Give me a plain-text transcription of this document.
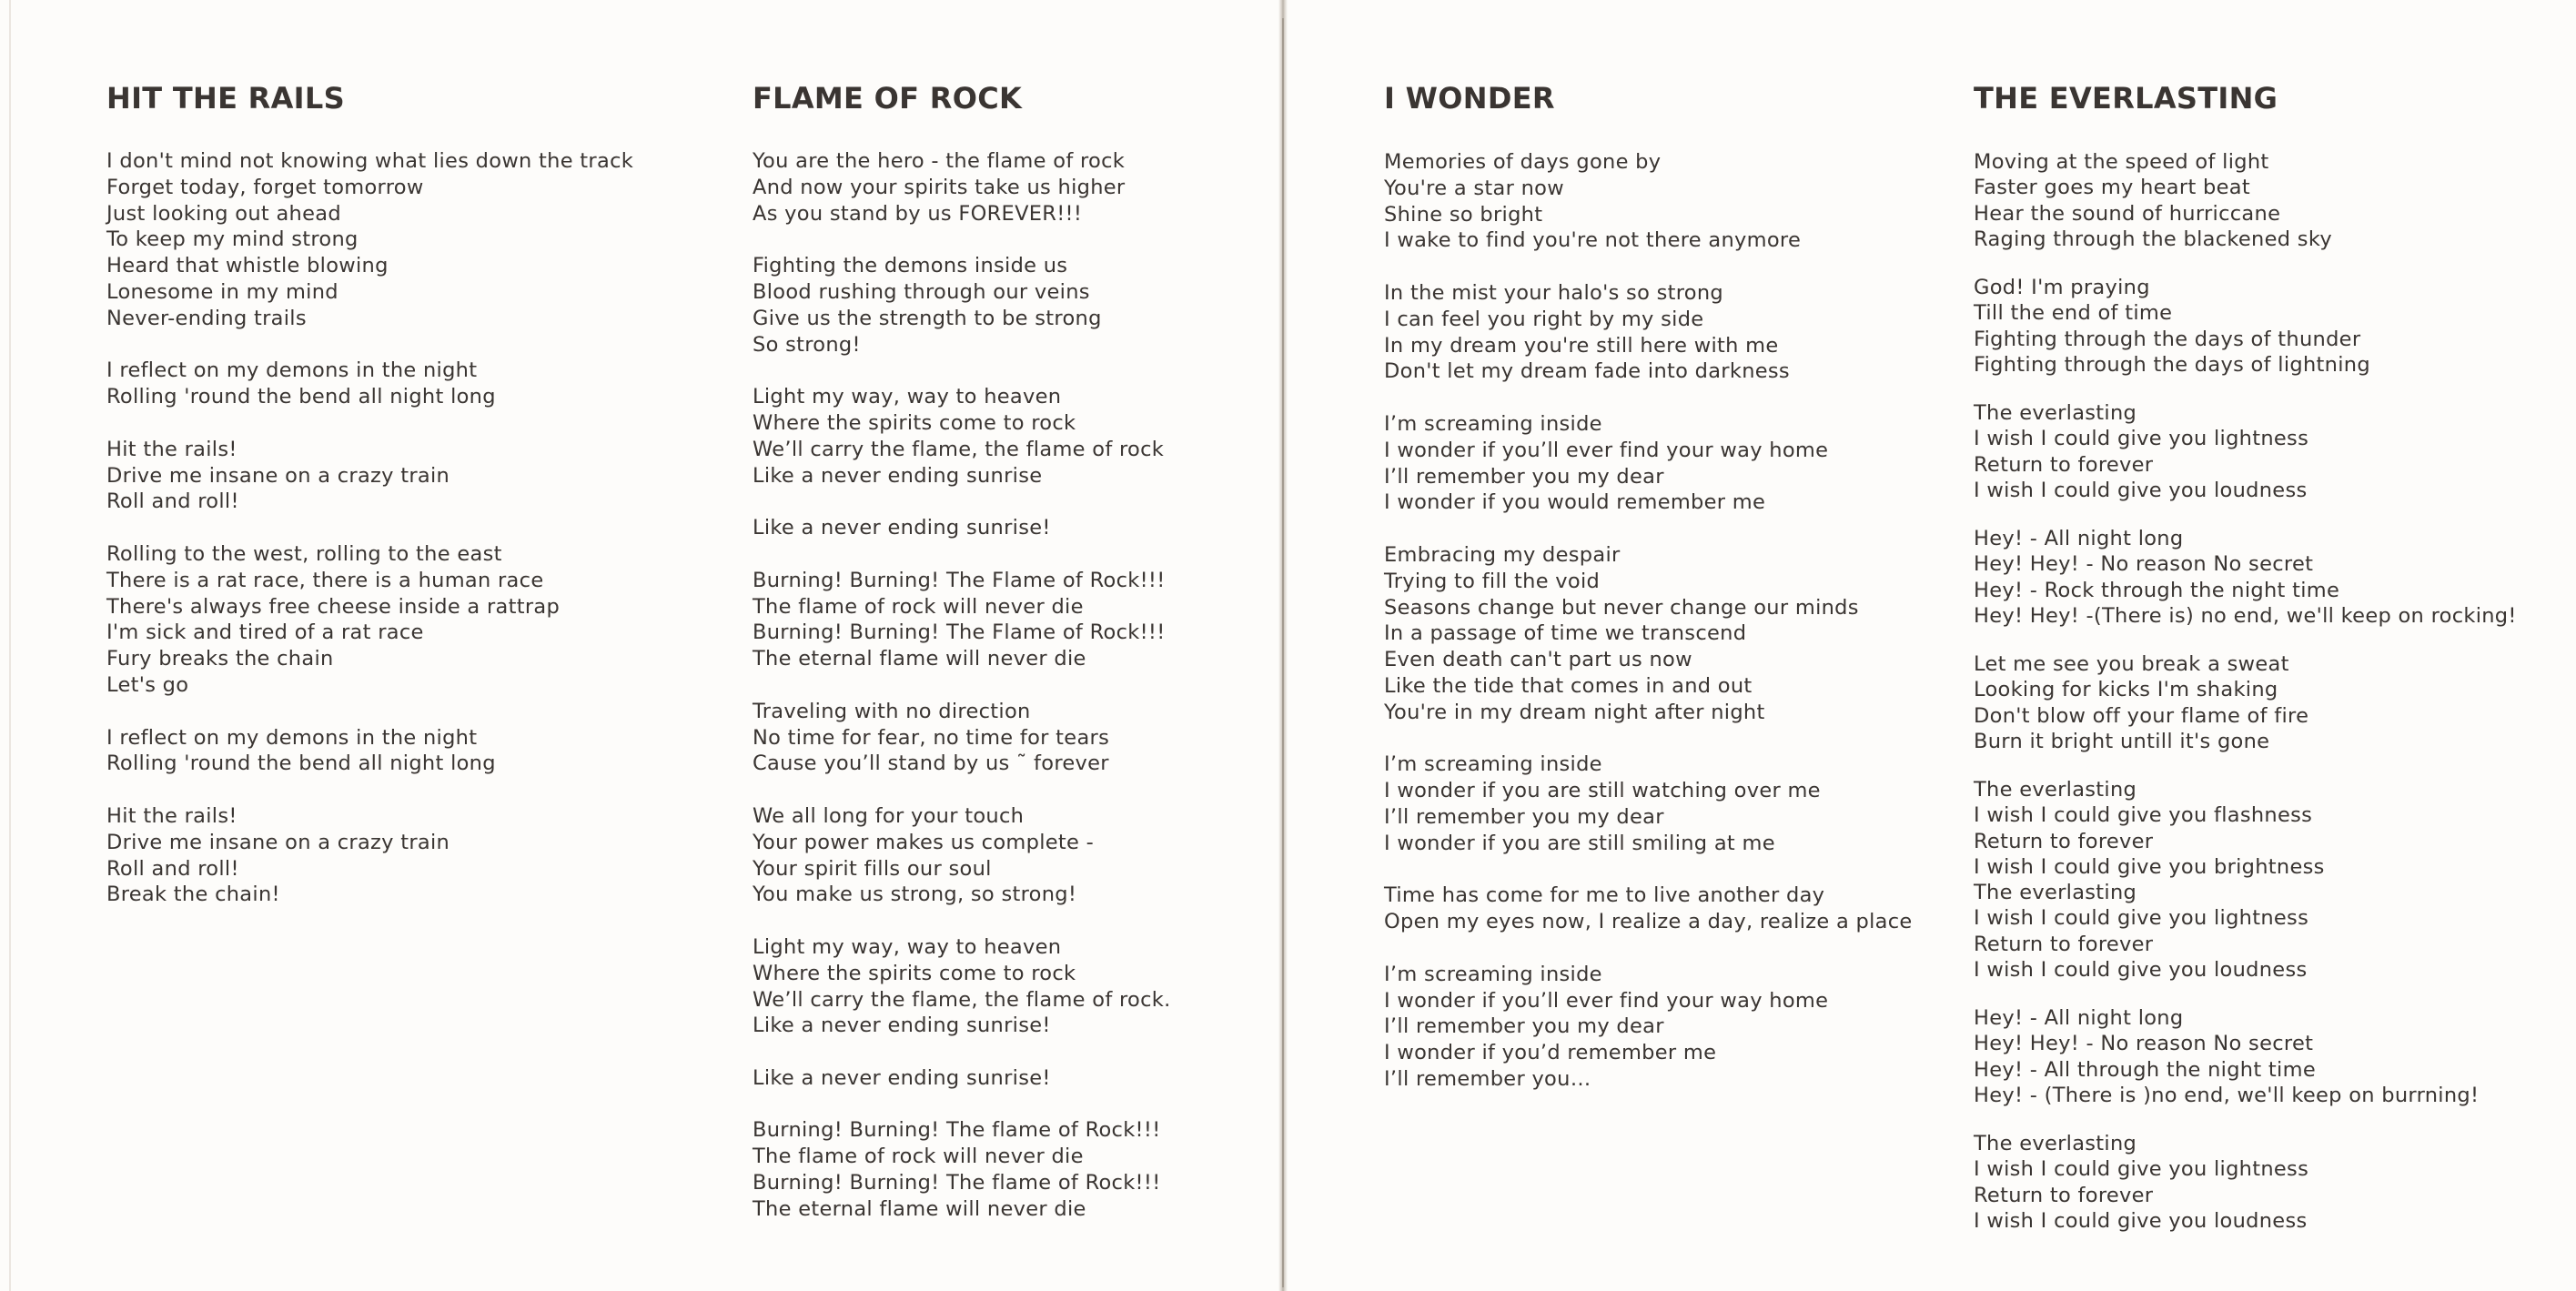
HIT THE RAILS
I don't mind not knowing what lies down the track
Forget today, forget tomorrow
Just looking out ahead
To keep my mind strong
Heard that whistle blowing
Lonesome in my mind
Never-ending trails
I reflect on my demons in the night
Rolling 'round the bend all night long
Hit the rails!
Drive me insane on a crazy train
Roll and roll!
Rolling to the west, rolling to the east
There is a rat race, there is a human race
There's always free cheese inside a rattrap
I'm sick and tired of a rat race
Fury breaks the chain
Let's go
I reflect on my demons in the night
Rolling 'round the bend all night long
Hit the rails!
Drive me insane on a crazy train
Roll and roll!
Break the chain!
FLAME OF ROCK
You are the hero - the flame of rock
And now your spirits take us higher
As you stand by us FOREVER!!!
Fighting the demons inside us
Blood rushing through our veins
Give us the strength to be strong
So strong!
Light my way, way to heaven
Where the spirits come to rock
We’ll carry the flame, the flame of rock
Like a never ending sunrise
Like a never ending sunrise!
Burning! Burning! The Flame of Rock!!!
The flame of rock will never die
Burning! Burning! The Flame of Rock!!!
The eternal flame will never die
Traveling with no direction
No time for fear, no time for tears
Cause you’ll stand by us ˜ forever
We all long for your touch
Your power makes us complete -
Your spirit fills our soul
You make us strong, so strong!
Light my way, way to heaven
Where the spirits come to rock
We’ll carry the flame, the flame of rock.
Like a never ending sunrise!
Like a never ending sunrise!
Burning! Burning! The flame of Rock!!!
The flame of rock will never die
Burning! Burning! The flame of Rock!!!
The eternal flame will never die
I WONDER
Memories of days gone by
You're a star now
Shine so bright
I wake to find you're not there anymore
In the mist your halo's so strong
I can feel you right by my side
In my dream you're still here with me
Don't let my dream fade into darkness
I’m screaming inside
I wonder if you’ll ever find your way home
I’ll remember you my dear
I wonder if you would remember me
Embracing my despair
Trying to fill the void
Seasons change but never change our minds
In a passage of time we transcend
Even death can't part us now
Like the tide that comes in and out
You're in my dream night after night
I’m screaming inside
I wonder if you are still watching over me
I’ll remember you my dear
I wonder if you are still smiling at me
Time has come for me to live another day
Open my eyes now, I realize a day, realize a place
I’m screaming inside
I wonder if you’ll ever find your way home
I’ll remember you my dear
I wonder if you’d remember me
I’ll remember you…
THE EVERLASTING
Moving at the speed of light
Faster goes my heart beat
Hear the sound of hurriccane
Raging through the blackened sky
God! I'm praying
Till the end of time
Fighting through the days of thunder
Fighting through the days of lightning
The everlasting
I wish I could give you lightness
Return to forever
I wish I could give you loudness
Hey! - All night long
Hey! Hey! - No reason No secret
Hey! - Rock through the night time
Hey! Hey! -(There is) no end, we'll keep on rocking!
Let me see you break a sweat
Looking for kicks I'm shaking
Don't blow off your flame of fire
Burn it bright untill it's gone
The everlasting
I wish I could give you flashness
Return to forever
I wish I could give you brightness
The everlasting
I wish I could give you lightness
Return to forever
I wish I could give you loudness
Hey! - All night long
Hey! Hey! - No reason No secret
Hey! - All through the night time
Hey! - (There is )no end, we'll keep on burrning!
The everlasting
I wish I could give you lightness
Return to forever
I wish I could give you loudness
